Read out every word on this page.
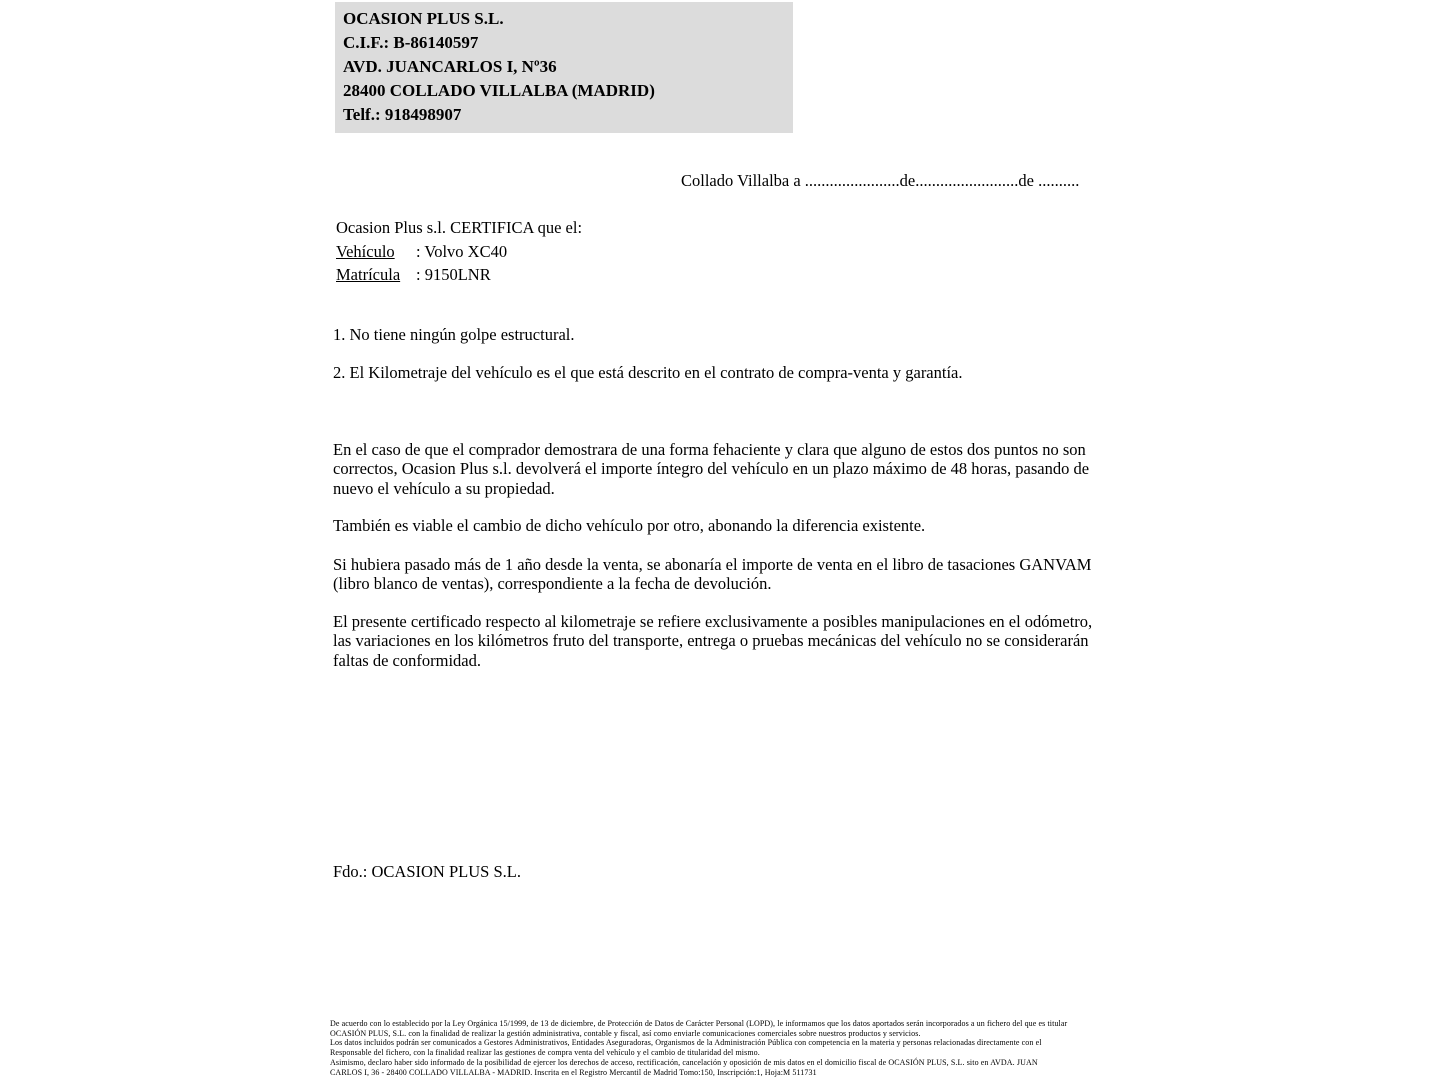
OCASION PLUS S.L.
C.I.F.: B-86140597
AVD. JUANCARLOS I, Nº36
28400 COLLADO VILLALBA (MADRID)
Telf.: 918498907
Collado Villalba a .......................de.........................de ..........
Ocasion Plus s.l. CERTIFICA que el:
Vehículo : Volvo XC40
Matrícula : 9150LNR
1. No tiene ningún golpe estructural.
2. El Kilometraje del vehículo es el que está descrito en el contrato de compra-venta y garantía.
En el caso de que el comprador demostrara de una forma fehaciente y clara que alguno de estos dos puntos no son correctos, Ocasion Plus s.l. devolverá el importe íntegro del vehículo en un plazo máximo de 48 horas, pasando de nuevo el vehículo a su propiedad.
También es viable el cambio de dicho vehículo por otro, abonando la diferencia existente.
Si hubiera pasado más de 1 año desde la venta, se abonaría el importe de venta en el libro de tasaciones GANVAM (libro blanco de ventas), correspondiente a la fecha de devolución.
El presente certificado respecto al kilometraje se refiere exclusivamente a posibles manipulaciones en el odómetro, las variaciones en los kilómetros fruto del transporte, entrega o pruebas mecánicas del vehículo no se considerarán faltas de conformidad.
Fdo.: OCASION PLUS S.L.
De acuerdo con lo establecido por la Ley Orgánica 15/1999, de 13 de diciembre, de Protección de Datos de Carácter Personal (LOPD), le informamos que los datos aportados serán incorporados a un fichero del que es titular
OCASIÓN PLUS, S.L. con la finalidad de realizar la gestión administrativa, contable y fiscal, así como enviarle comunicaciones comerciales sobre nuestros productos y servicios.
Los datos incluidos podrán ser comunicados a Gestores Administrativos, Entidades Aseguradoras, Organismos de la Administración Pública con competencia en la materia y personas relacionadas directamente con el
Responsable del fichero, con la finalidad realizar las gestiones de compra venta del vehículo y el cambio de titularidad del mismo.
Asimismo, declaro haber sido informado de la posibilidad de ejercer los derechos de acceso, rectificación, cancelación y oposición de mis datos en el domicilio fiscal de OCASIÓN PLUS, S.L. sito en AVDA. JUAN
CARLOS I, 36 - 28400 COLLADO VILLALBA - MADRID. Inscrita en el Registro Mercantil de Madrid Tomo:150, Inscripción:1, Hoja:M 511731
